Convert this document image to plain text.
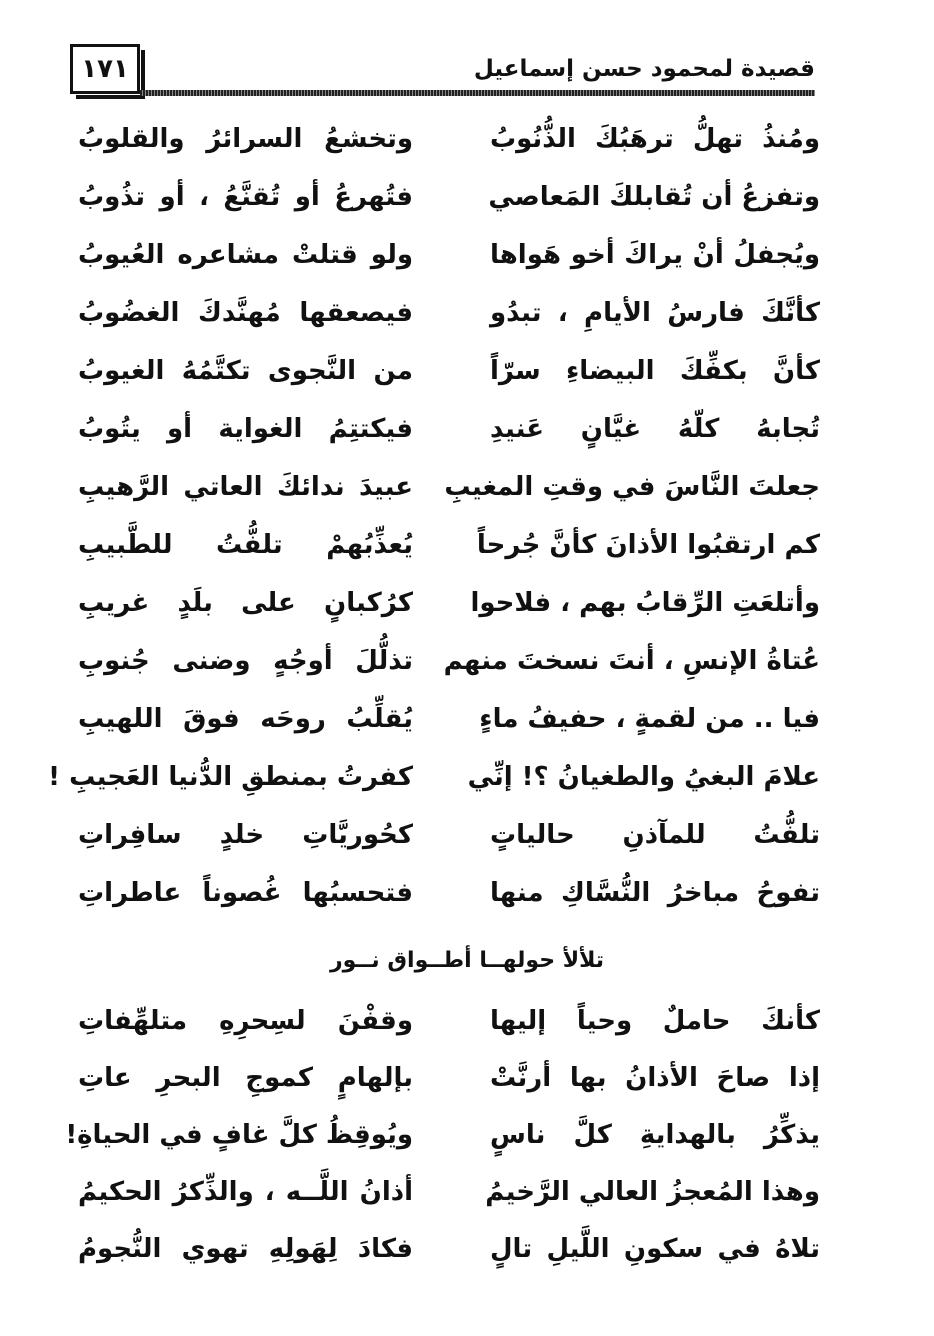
١٧١	قصيدة لمحمود حسن إسماعيل
ومُنذُ تهلُّ ترهَبُكَ الذُّنُوبُ
وتخشعُ السرائرُ والقلوبُ
وتفزعُ أن تُقابلكَ المَعاصي
فتُهرعُ أو تُقنَّعُ ، أو تذُوبُ
ويُجفلُ أنْ يراكَ أخو هَواها
ولو قتلتْ مشاعره العُيوبُ
كأنَّكَ فارسُ الأيامِ ، تبدُو
فيصعقها مُهنَّدكَ الغضُوبُ
كأنَّ بكفِّكَ البيضاءِ سرّاً
من النَّجوى تكتَّمُهُ الغيوبُ
تُجابهُ كلّهُ غيَّانٍ عَنيدِ
فيكتتِمُ الغواية أو يتُوبُ
جعلتَ النَّاسَ في وقتِ المغيبِ
عبيدَ ندائكَ العاتي الرَّهيبِ
كم ارتقبُوا الأذانَ كأنَّ جُرحاً
يُعذِّبُهمْ تلفُّتُ للطَّبيبِ
وأتلعَتِ الرِّقابُ بهم ، فلاحوا
كرُكبانٍ على بلَدٍ غريبِ
عُتاةُ الإنسِ ، أنتَ نسختَ منهم
تذلُّلَ أوجُهٍ وضنى جُنوبِ
فيا .. من لقمةٍ ، حفيفُ ماءٍ
يُقلِّبُ روحَه فوقَ اللهيبِ
علامَ البغيُ والطغيانُ ؟! إنِّي
كفرتُ بمنطقِ الدُّنيا العَجيبِ !
تلفُّتُ للمآذنِ حالياتٍ
كحُوريَّاتِ خلدٍ سافِراتِ
تفوحُ مباخرُ النُّسَّاكِ منها
فتحسبُها غُصوناً عاطراتِ
تلألأ حولهــا أطــواق نــور
كأنكَ حاملٌ وحياً إليها
وقفْنَ لسِحرِهِ متلهِّفاتِ
إذا صاحَ الأذانُ بها أرنَّتْ
بإلهامٍ كموجِ البحرِ عاتِ
يذكِّرُ بالهدايةِ كلَّ ناسٍ
ويُوقِظُ كلَّ غافٍ في الحياةِ!
وهذا المُعجزُ العالي الرَّخيمُ
أذانُ اللَّــه ، والذِّكرُ الحكيمُ
تلاهُ في سكونِ اللَّيلِ تالٍ
فكادَ لِهَولِهِ تهوي النُّجومُ
